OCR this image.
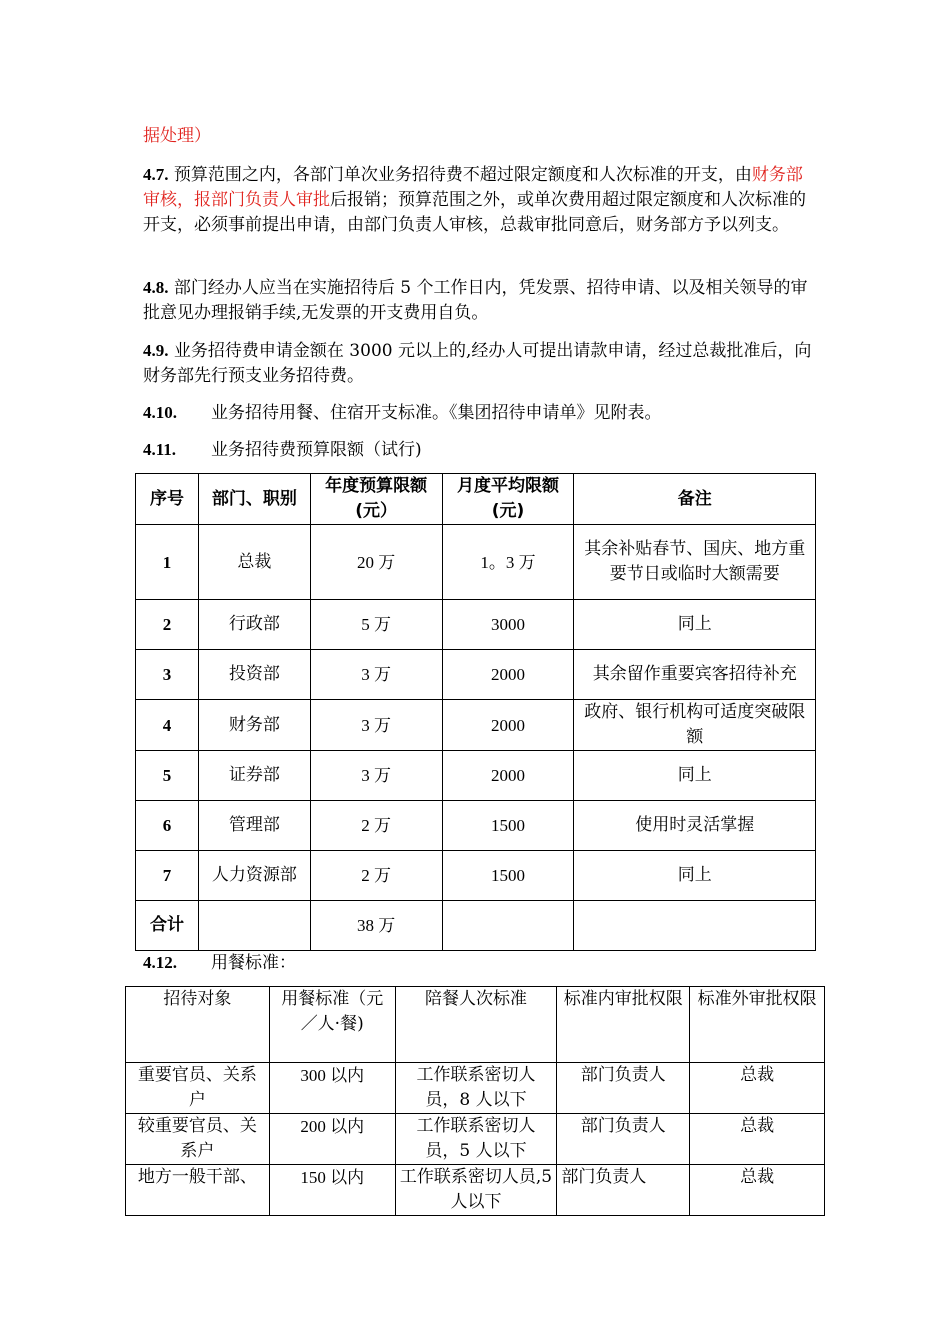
据处理）

4.7. 预算范围之内，各部门单次业务招待费不超过限定额度和人次标准的开支，由财务部审核，报部门负责人审批后报销；预算范围之外，或单次费用超过限定额度和人次标准的开支，必须事前提出申请，由部门负责人审核，总裁审批同意后，财务部方予以列支。

4.8. 部门经办人应当在实施招待后 5 个工作日内，凭发票、招待申请、以及相关领导的审批意见办理报销手续,无发票的开支费用自负。

4.9. 业务招待费申请金额在 3000 元以上的,经办人可提出请款申请，经过总裁批准后，向财务部先行预支业务招待费。

4.10. 业务招待用餐、住宿开支标准。《集团招待申请单》见附表。
4.11. 业务招待费预算限额（试行)
序号	部门、职别	年度预算限额(元）	月度平均限额(元)	备注
1	总裁	20 万	1。3 万	其余补贴春节、国庆、地方重要节日或临时大额需要
2	行政部	5 万	3000	同上
3	投资部	3 万	2000	其余留作重要宾客招待补充
4	财务部	3 万	2000	政府、银行机构可适度突破限额
5	证券部	3 万	2000	同上
6	管理部	2 万	1500	使用时灵活掌握
7	人力资源部	2 万	1500	同上
合计		38 万		
4.12. 用餐标准：
招待对象	用餐标准（元／人·餐)	陪餐人次标准	标准内审批权限	标准外审批权限
重要官员、关系户	300 以内	工作联系密切人员，8 人以下	部门负责人	总裁
较重要官员、关系户	200 以内	工作联系密切人员，5 人以下	部门负责人	总裁
地方一般干部、	150 以内	工作联系密切人员,5 人以下	部门负责人	总裁
